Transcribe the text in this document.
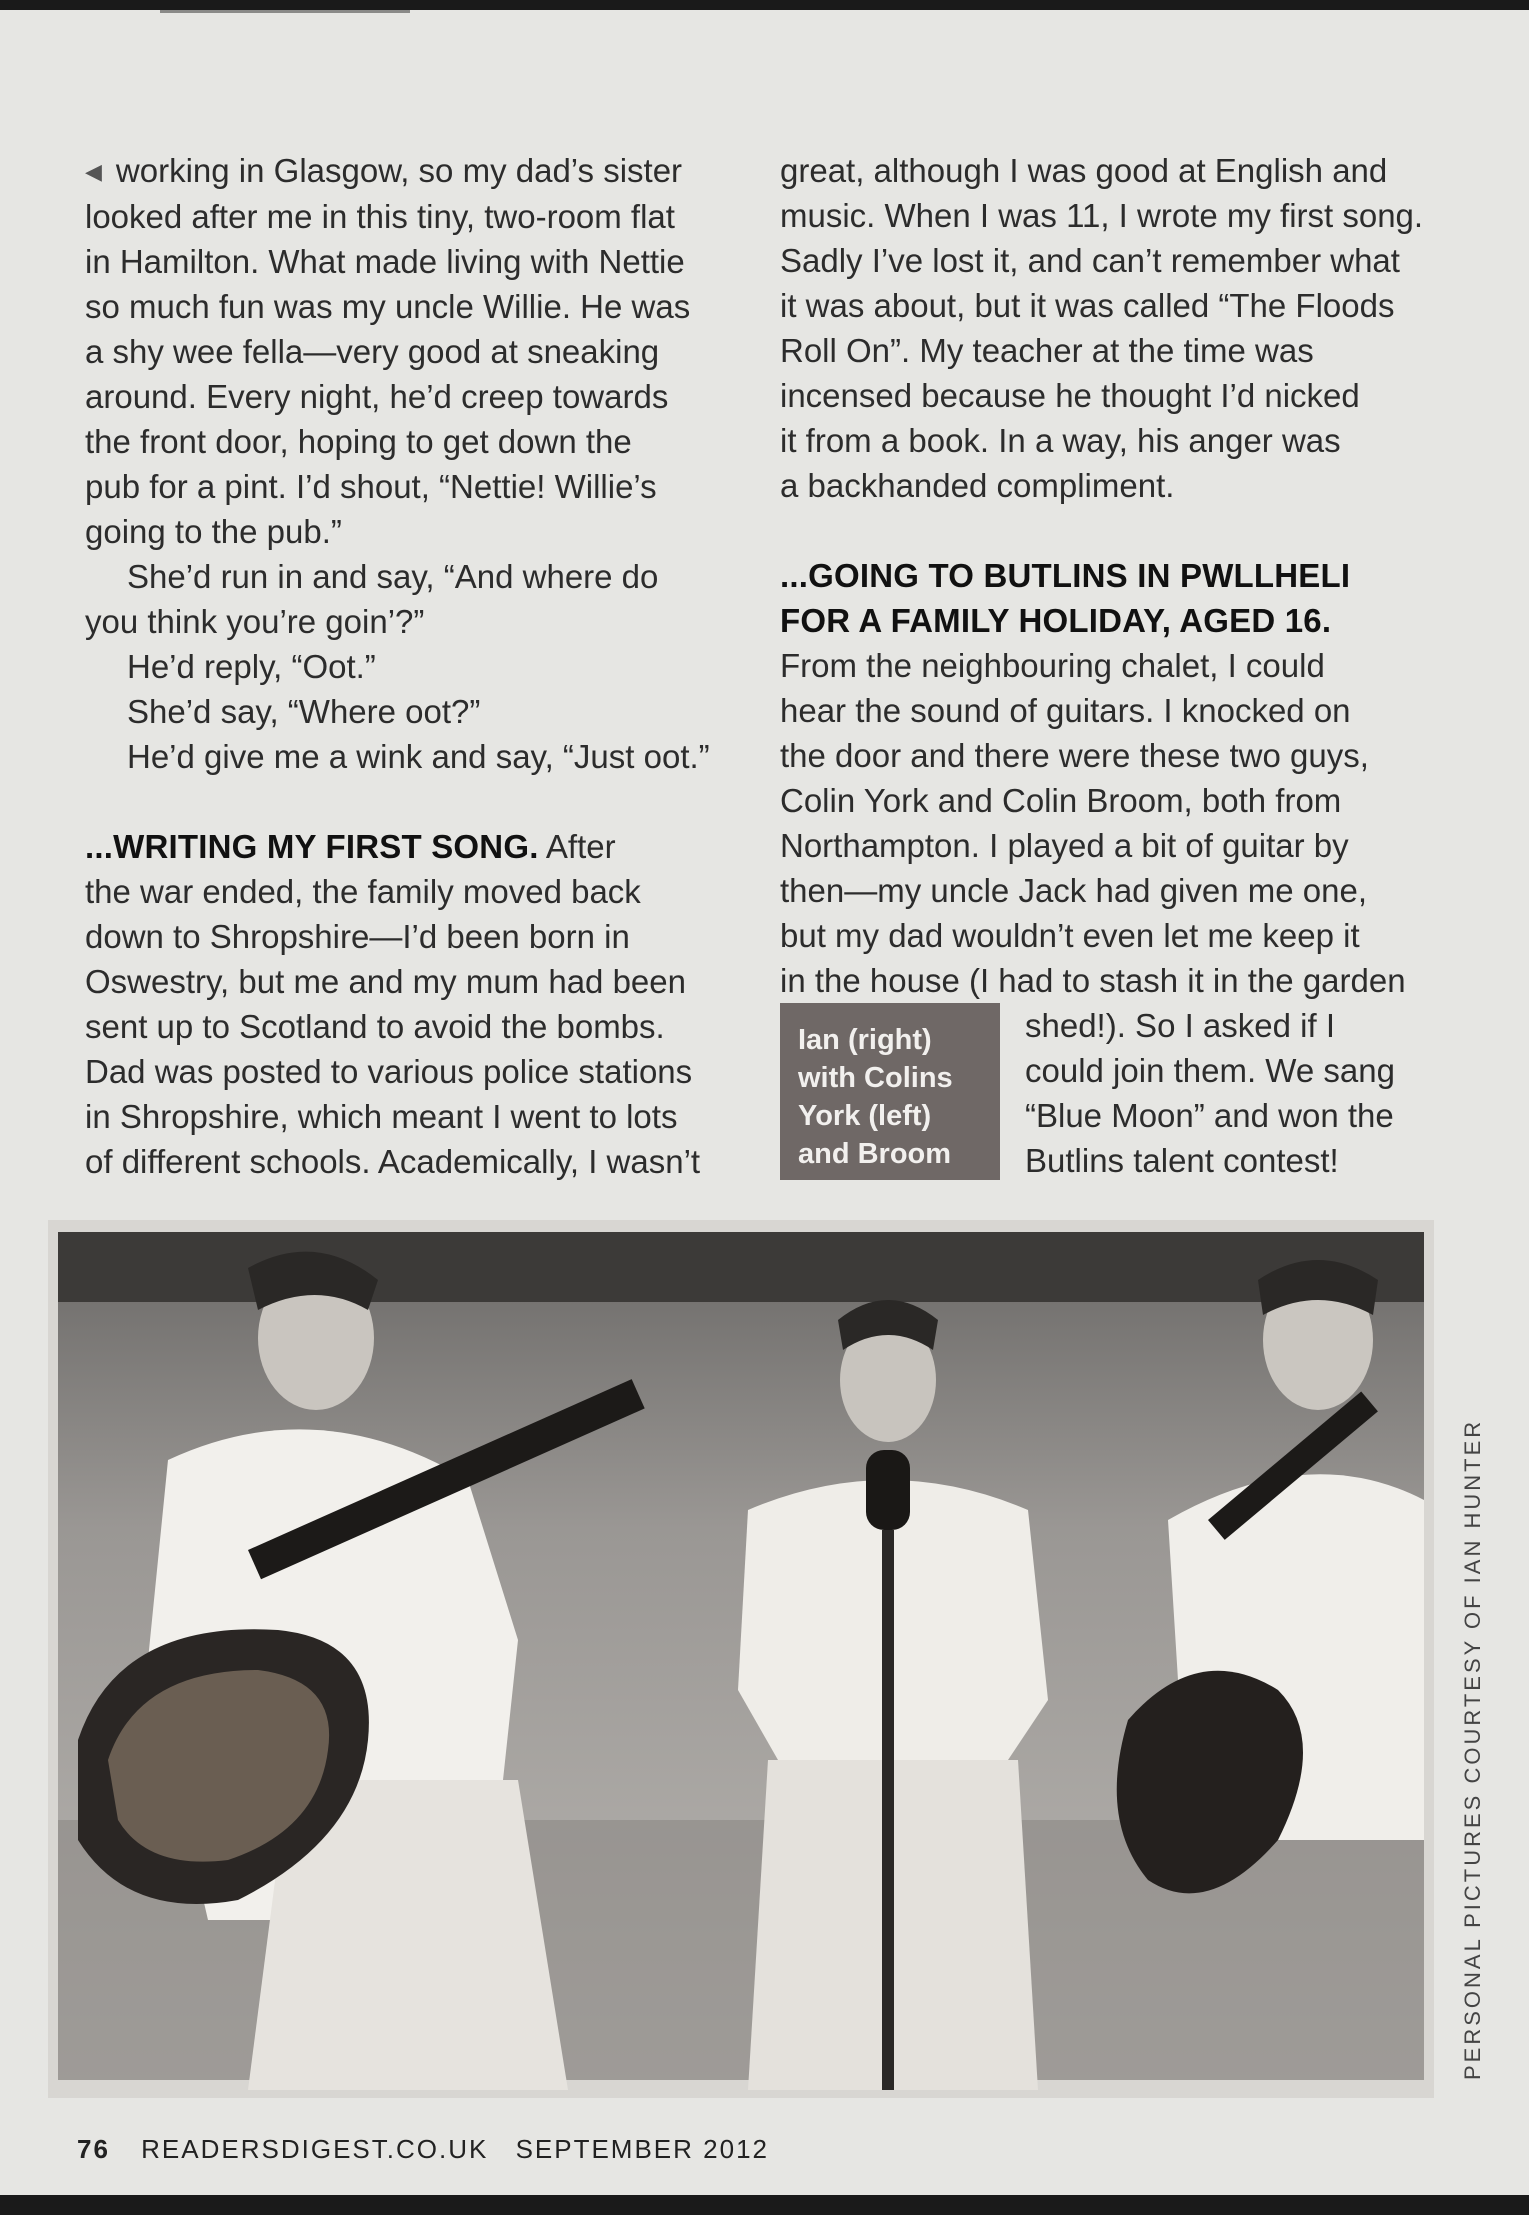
◀ working in Glasgow, so my dad’s sister
looked after me in this tiny, two-room flat
in Hamilton. What made living with Nettie
so much fun was my uncle Willie. He was
a shy wee fella—very good at sneaking
around. Every night, he’d creep towards
the front door, hoping to get down the
pub for a pint. I’d shout, “Nettie! Willie’s
going to the pub.”

She’d run in and say, “And where do

you think you’re goin’?”

He’d reply, “Oot.”

She’d say, “Where oot?”

He’d give me a wink and say, “Just oot.”

...WRITING MY FIRST SONG. After
the war ended, the family moved back
down to Shropshire—I’d been born in
Oswestry, but me and my mum had been
sent up to Scotland to avoid the bombs.
Dad was posted to various police stations
in Shropshire, which meant I went to lots
of different schools. Academically, I wasn’t

great, although I was good at English and
music. When I was 11, I wrote my first song.
Sadly I’ve lost it, and can’t remember what
it was about, but it was called “The Floods
Roll On”. My teacher at the time was
incensed because he thought I’d nicked
it from a book. In a way, his anger was
a backhanded compliment.

...GOING TO BUTLINS IN PWLLHELI
FOR A FAMILY HOLIDAY, AGED 16.

From the neighbouring chalet, I could
hear the sound of guitars. I knocked on
the door and there were these two guys,
Colin York and Colin Broom, both from
Northampton. I played a bit of guitar by
then—my uncle Jack had given me one,
but my dad wouldn’t even let me keep it
in the house (I had to stash it in the garden

Ian (right)
with Colins
York (left)
and Broom

shed!). So I asked if I
could join them. We sang
“Blue Moon” and won the
Butlins talent contest!

PERSONAL PICTURES COURTESY OF IAN HUNTER
76 READERSDIGEST.CO.UK SEPTEMBER 2012
